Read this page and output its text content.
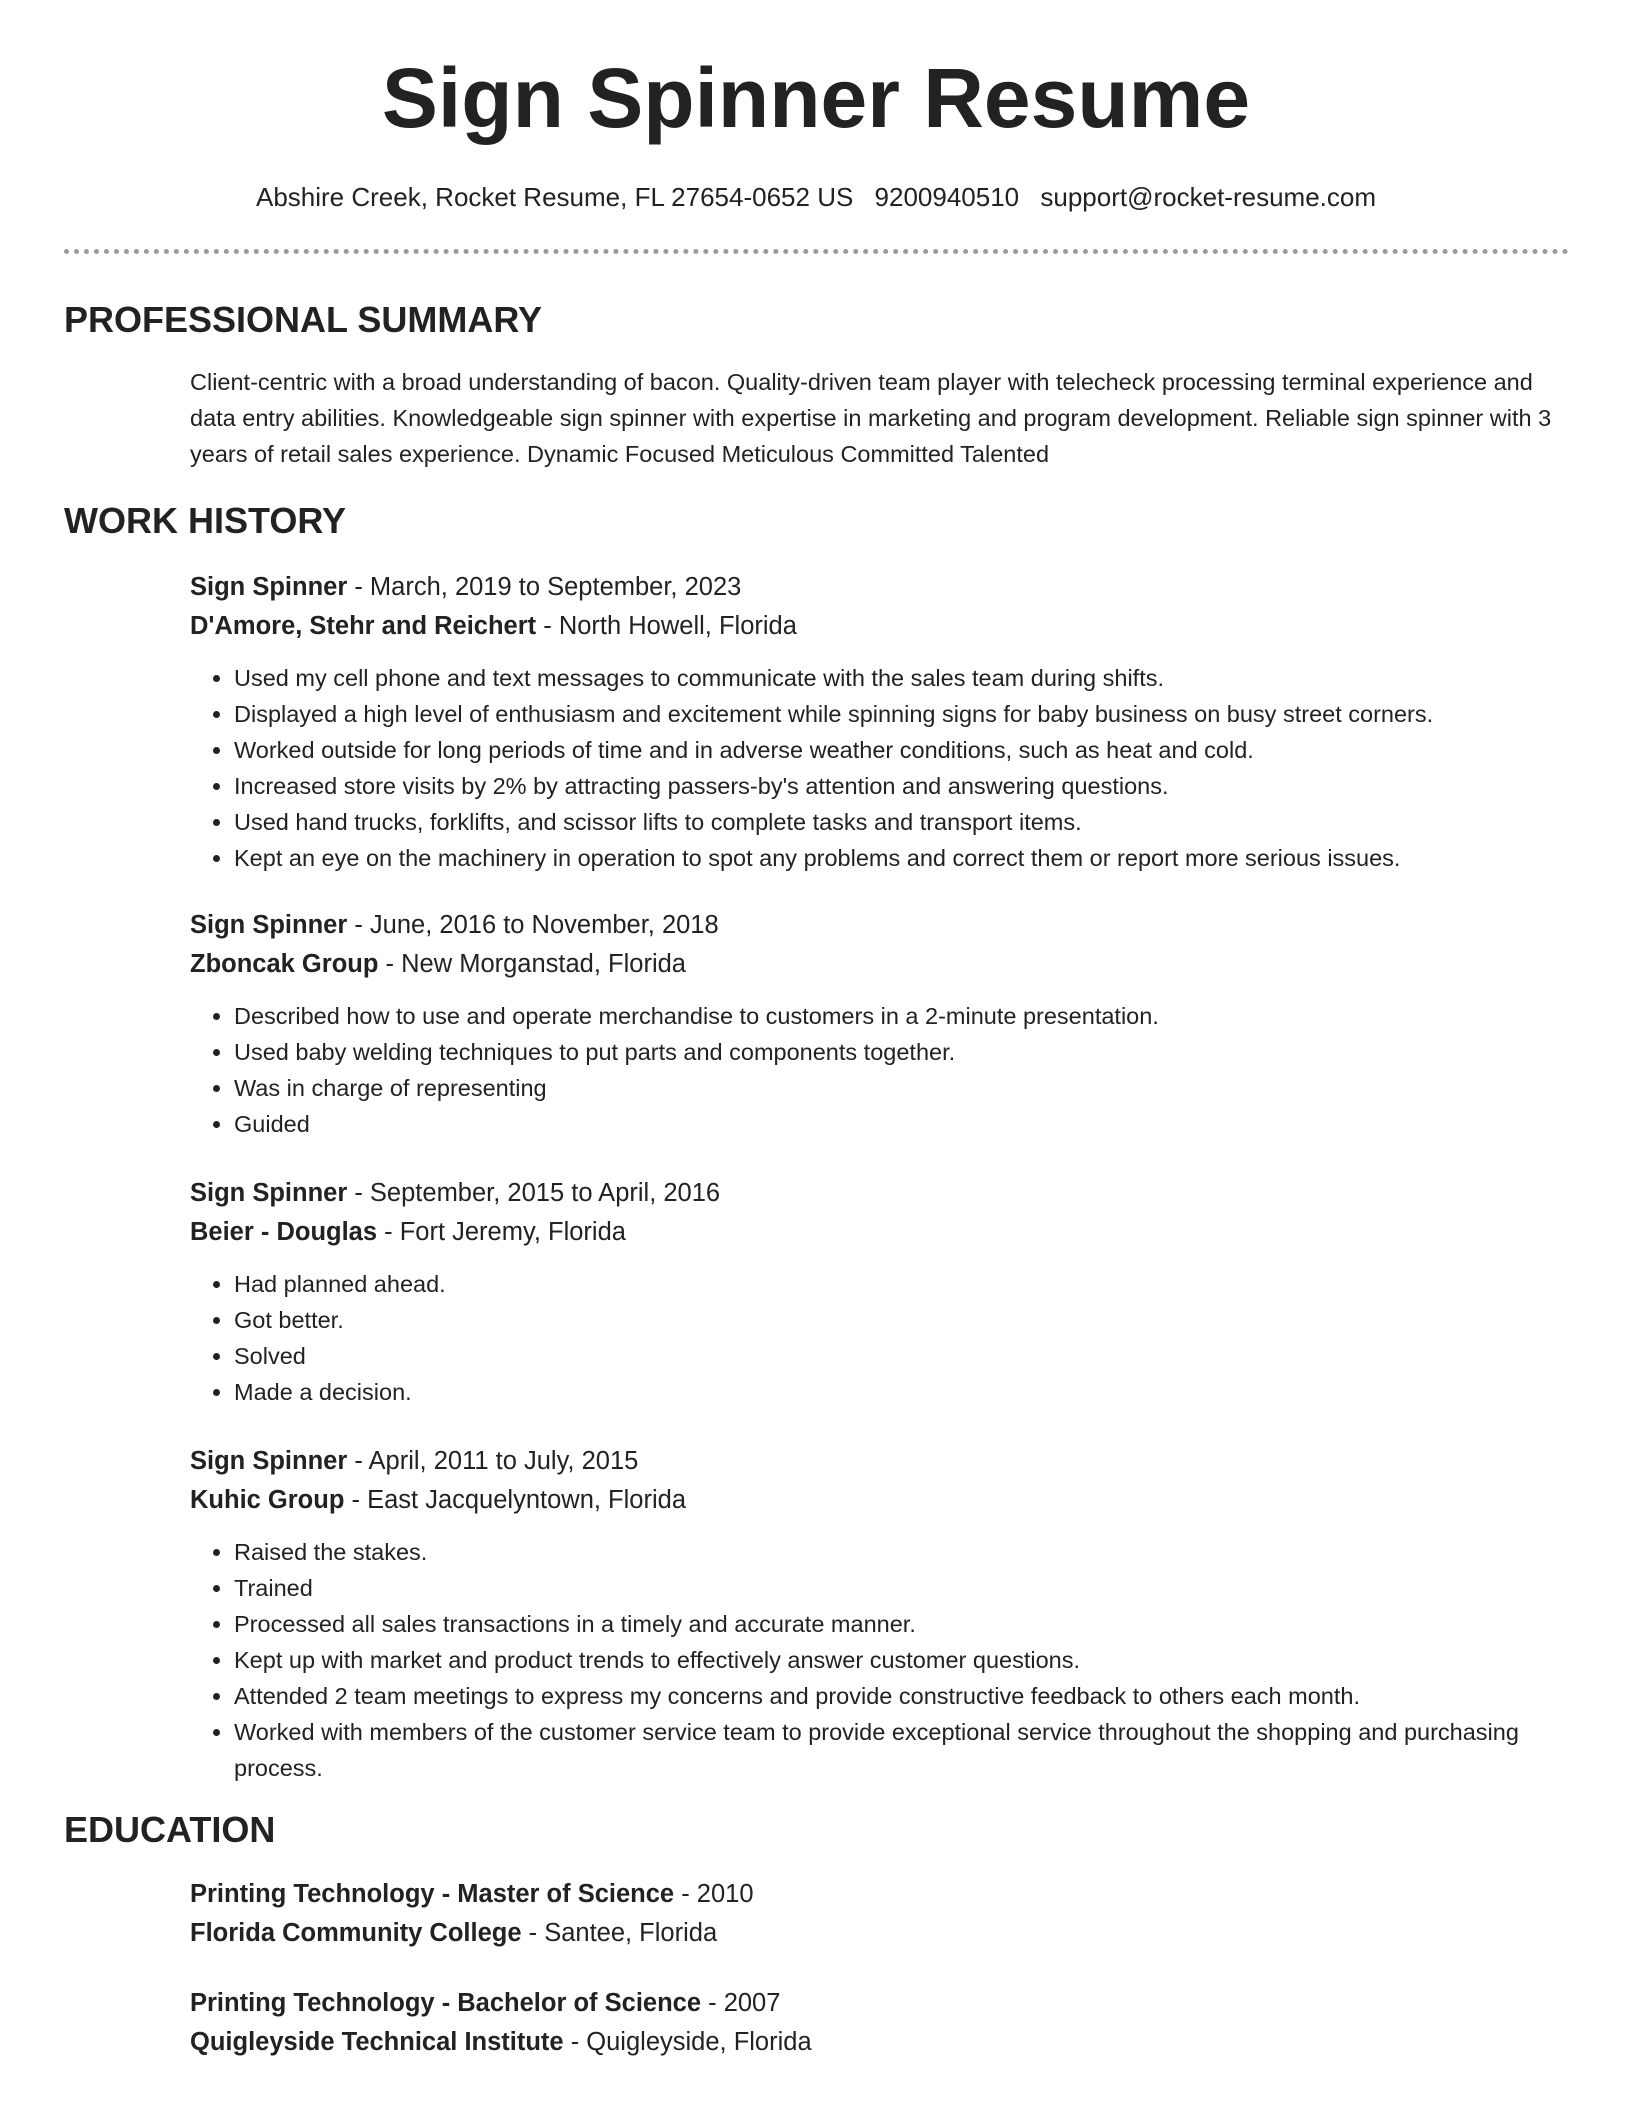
Sign Spinner Resume
Abshire Creek, Rocket Resume, FL 27654-0652 US 9200940510 support@rocket-resume.com
PROFESSIONAL SUMMARY
Client-centric with a broad understanding of bacon. Quality-driven team player with telecheck processing terminal experience and data entry abilities. Knowledgeable sign spinner with expertise in marketing and program development. Reliable sign spinner with 3 years of retail sales experience. Dynamic Focused Meticulous Committed Talented
WORK HISTORY
Sign Spinner - March, 2019 to September, 2023
D'Amore, Stehr and Reichert - North Howell, Florida
• Used my cell phone and text messages to communicate with the sales team during shifts.
• Displayed a high level of enthusiasm and excitement while spinning signs for baby business on busy street corners.
• Worked outside for long periods of time and in adverse weather conditions, such as heat and cold.
• Increased store visits by 2% by attracting passers-by's attention and answering questions.
• Used hand trucks, forklifts, and scissor lifts to complete tasks and transport items.
• Kept an eye on the machinery in operation to spot any problems and correct them or report more serious issues.
Sign Spinner - June, 2016 to November, 2018
Zboncak Group - New Morganstad, Florida
• Described how to use and operate merchandise to customers in a 2-minute presentation.
• Used baby welding techniques to put parts and components together.
• Was in charge of representing
• Guided
Sign Spinner - September, 2015 to April, 2016
Beier - Douglas - Fort Jeremy, Florida
• Had planned ahead.
• Got better.
• Solved
• Made a decision.
Sign Spinner - April, 2011 to July, 2015
Kuhic Group - East Jacquelyntown, Florida
• Raised the stakes.
• Trained
• Processed all sales transactions in a timely and accurate manner.
• Kept up with market and product trends to effectively answer customer questions.
• Attended 2 team meetings to express my concerns and provide constructive feedback to others each month.
• Worked with members of the customer service team to provide exceptional service throughout the shopping and purchasing process.
EDUCATION
Printing Technology - Master of Science - 2010
Florida Community College - Santee, Florida
Printing Technology - Bachelor of Science - 2007
Quigleyside Technical Institute - Quigleyside, Florida
